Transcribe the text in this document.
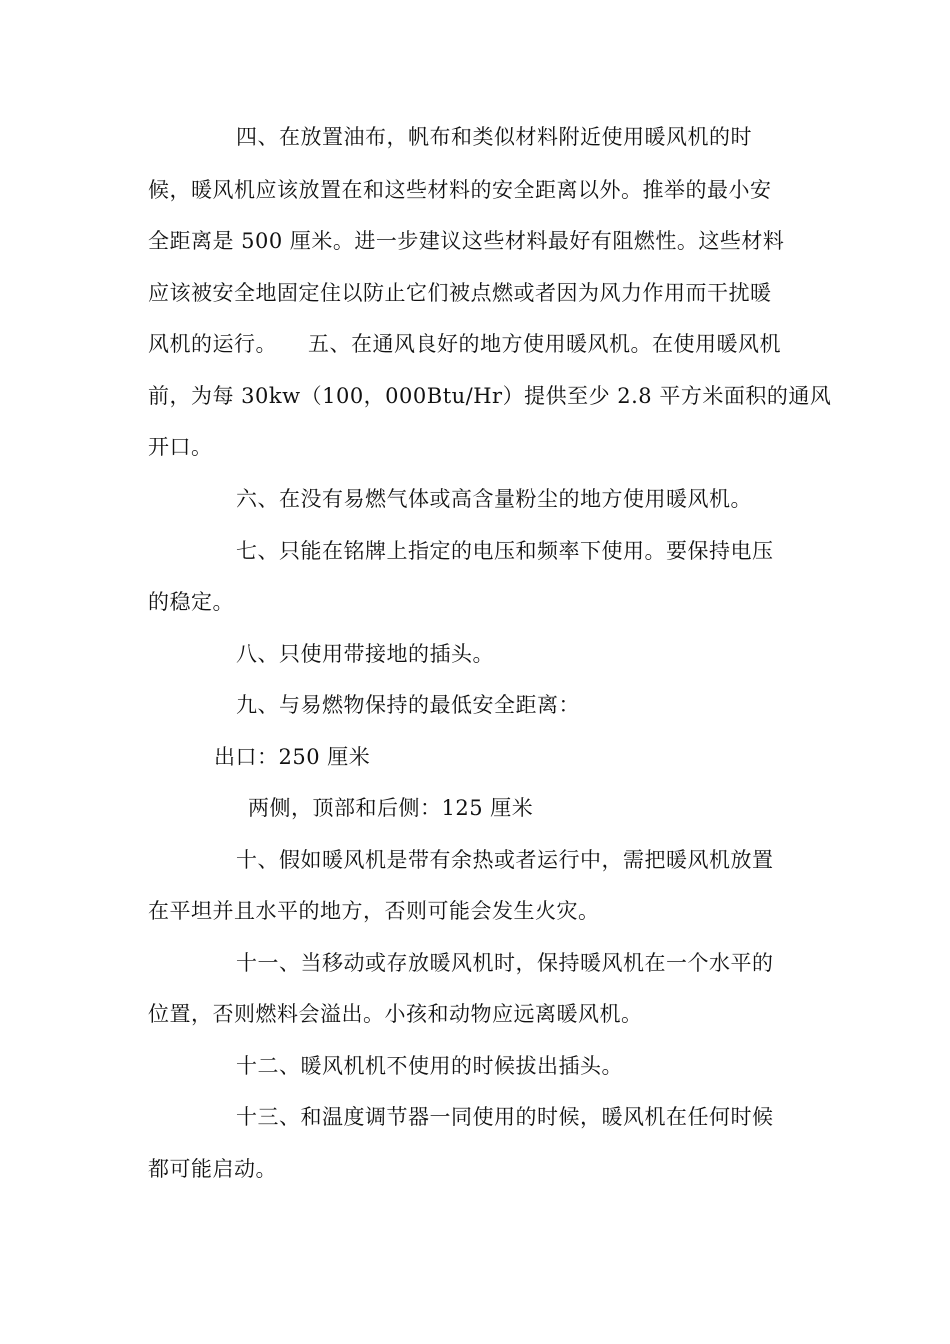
四、在放置油布，帆布和类似材料附近使用暖风机的时
候，暖风机应该放置在和这些材料的安全距离以外。推举的最小安
全距离是 500 厘米。进一步建议这些材料最好有阻燃性。这些材料
应该被安全地固定住以防止它们被点燃或者因为风力作用而干扰暖
风机的运行。 五、在通风良好的地方使用暖风机。在使用暖风机
前，为每 30kw（100，000Btu/Hr）提供至少 2.8 平方米面积的通风
开口。
六、在没有易燃气体或高含量粉尘的地方使用暖风机。
七、只能在铭牌上指定的电压和频率下使用。要保持电压
的稳定。
八、只使用带接地的插头。
九、与易燃物保持的最低安全距离：
出口：250 厘米
两侧，顶部和后侧：125 厘米
十、假如暖风机是带有余热或者运行中，需把暖风机放置
在平坦并且水平的地方，否则可能会发生火灾。
十一、当移动或存放暖风机时，保持暖风机在一个水平的
位置，否则燃料会溢出。小孩和动物应远离暖风机。
十二、暖风机机不使用的时候拔出插头。
十三、和温度调节器一同使用的时候，暖风机在任何时候
都可能启动。
